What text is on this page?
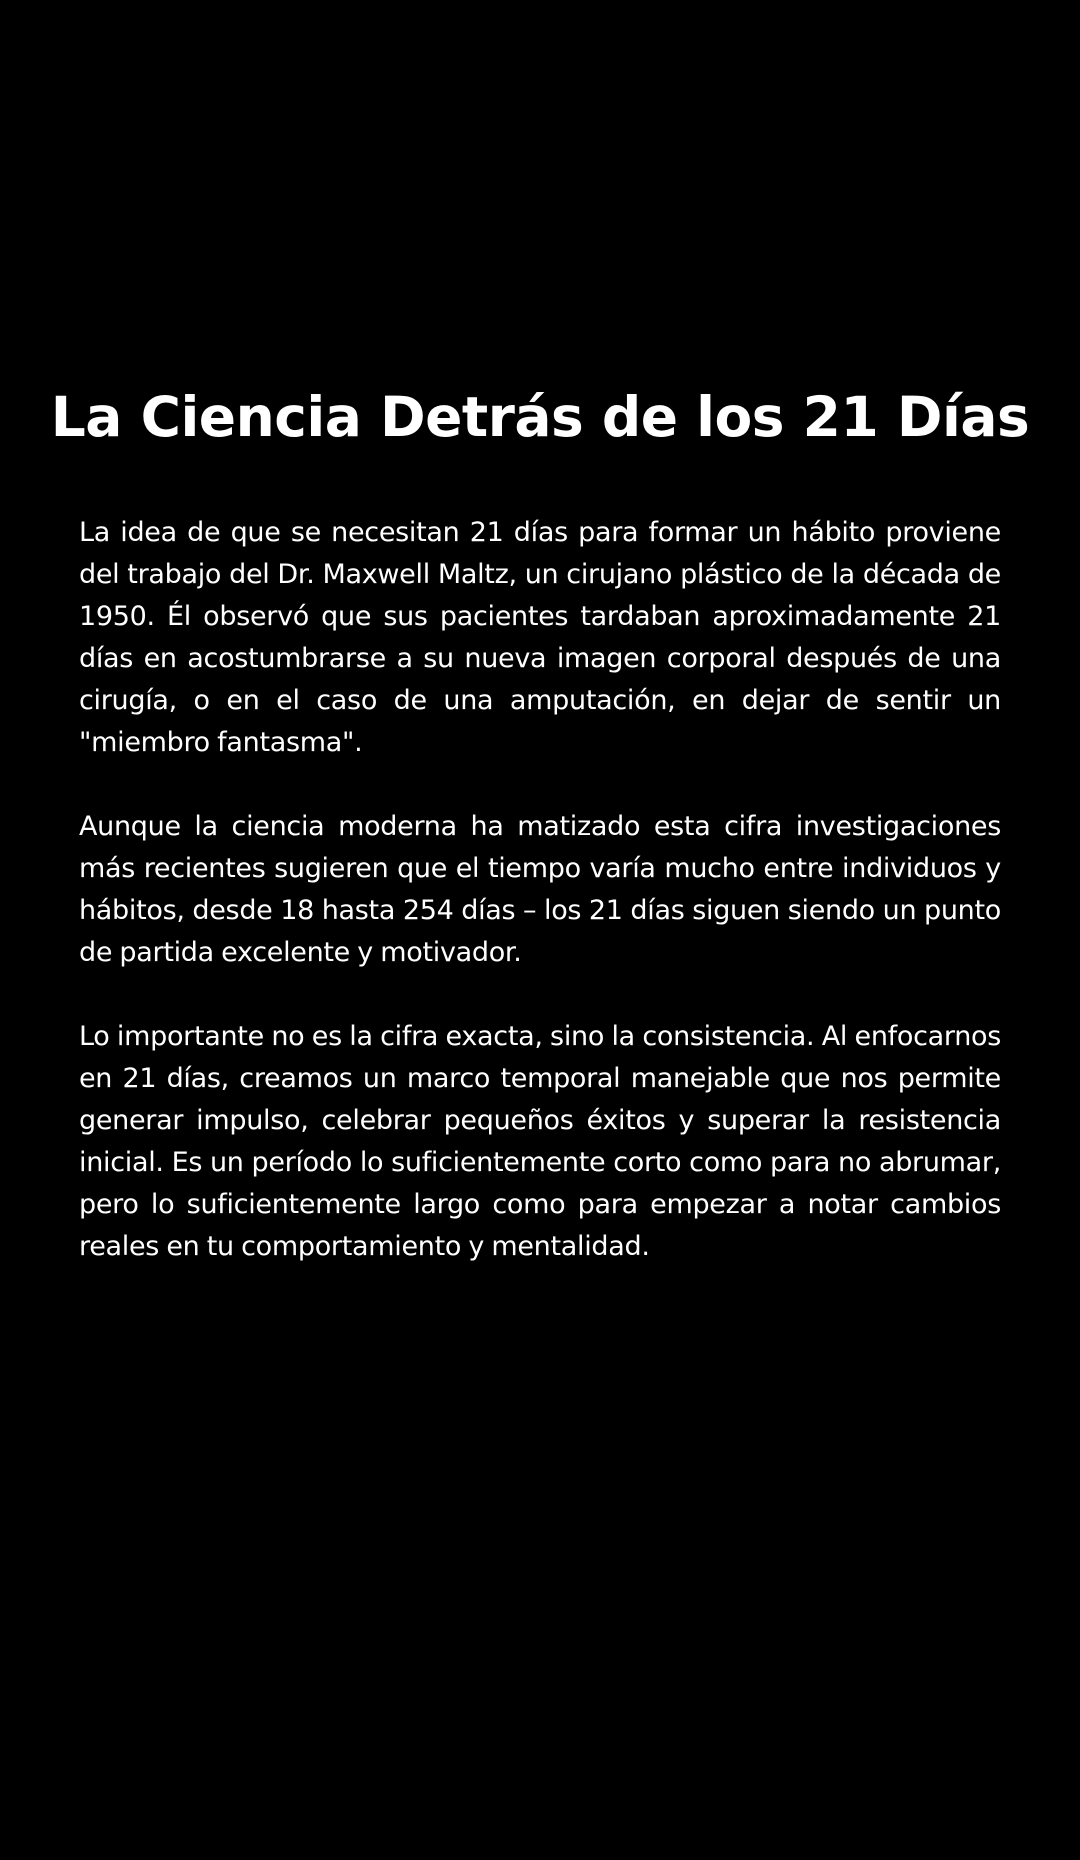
La Ciencia Detrás de los 21 Días

La idea de que se necesitan 21 días para formar un hábito proviene del trabajo del Dr. Maxwell Maltz, un cirujano plástico de la década de 1950. Él observó que sus pacientes tardaban aproximadamente 21 días en acostumbrarse a su nueva imagen corporal después de una cirugía, o en el caso de una amputación, en dejar de sentir un "miembro fantasma".

Aunque la ciencia moderna ha matizado esta cifra investigaciones más recientes sugieren que el tiempo varía mucho entre individuos y hábitos, desde 18 hasta 254 días – los 21 días siguen siendo un punto de partida excelente y motivador.

Lo importante no es la cifra exacta, sino la consistencia. Al enfocarnos en 21 días, creamos un marco temporal manejable que nos permite generar impulso, celebrar pequeños éxitos y superar la resistencia inicial. Es un período lo suficientemente corto como para no abrumar, pero lo suficientemente largo como para empezar a notar cambios reales en tu comportamiento y mentalidad.
